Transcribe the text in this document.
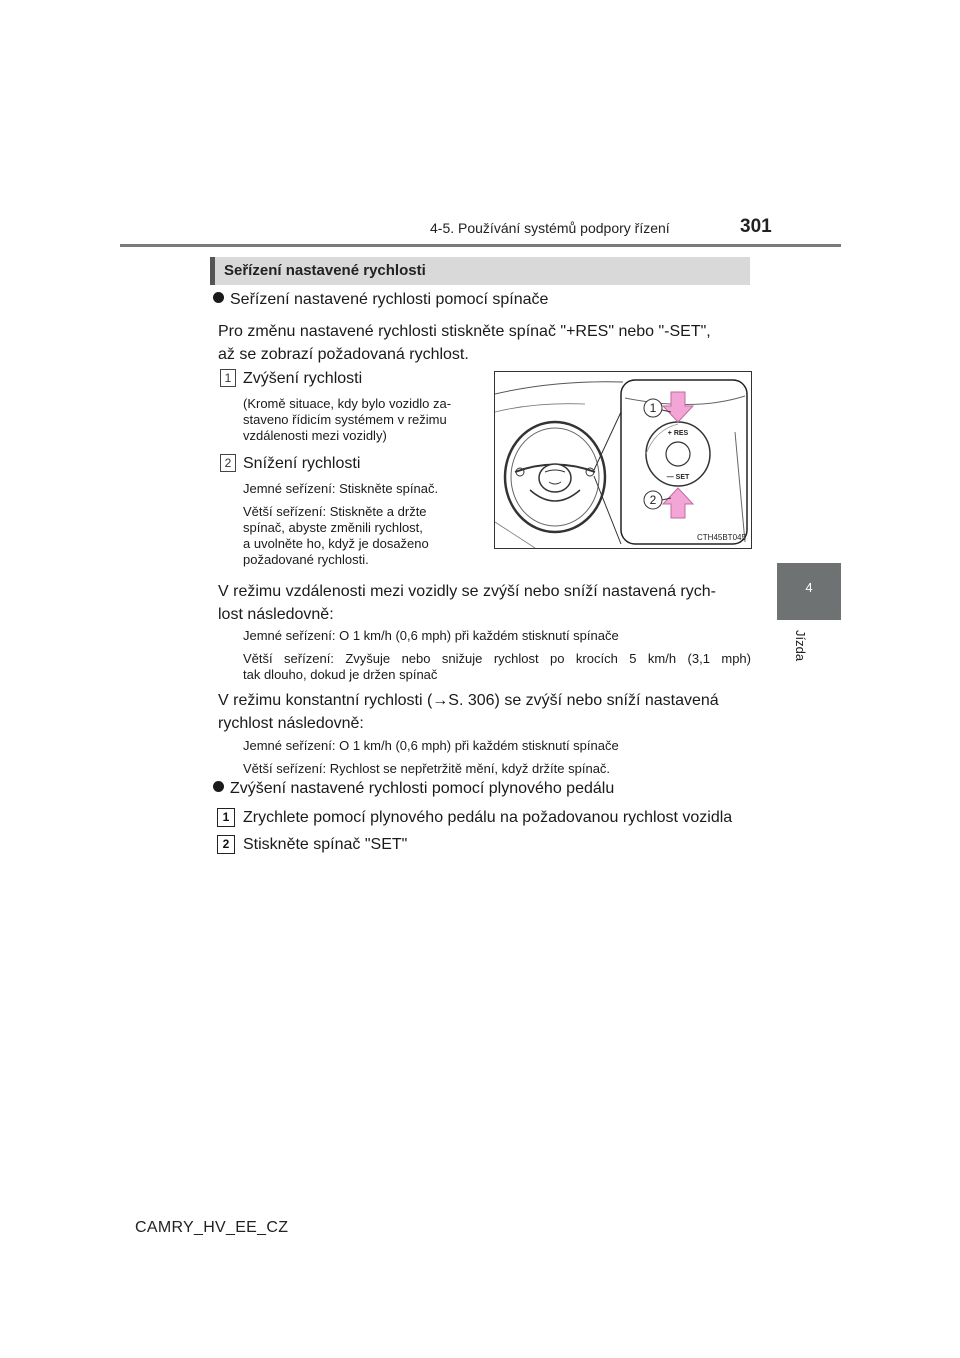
4-5. Používání systémů podpory řízení	301
4
Jízda
Seřízení nastavené rychlosti
Seřízení nastavené rychlosti pomocí spínače
Pro změnu nastavené rychlosti stiskněte spínač "+RES" nebo "-SET",
až se zobrazí požadovaná rychlost.
1 Zvýšení rychlosti
(Kromě situace, kdy bylo vozidlo za-
staveno řídicím systémem v režimu
vzdálenosti mezi vozidly)
2 Snížení rychlosti
Jemné seřízení: Stiskněte spínač.
Větší seřízení: Stiskněte a držte
spínač, abyste změnili rychlost,
a uvolněte ho, když je dosaženo
požadované rychlosti.
1
2
+ RES
— SET
CTH45BT045
V režimu vzdálenosti mezi vozidly se zvýší nebo sníží nastavená rych-
lost následovně:
Jemné seřízení: O 1 km/h (0,6 mph) při každém stisknutí spínače
Větší seřízení: Zvyšuje nebo snižuje rychlost po krocích 5 km/h (3,1 mph)
tak dlouho, dokud je držen spínač
V režimu konstantní rychlosti (→S. 306) se zvýší nebo sníží nastavená
rychlost následovně:
Jemné seřízení: O 1 km/h (0,6 mph) při každém stisknutí spínače
Větší seřízení: Rychlost se nepřetržitě mění, když držíte spínač.
Zvýšení nastavené rychlosti pomocí plynového pedálu
1 Zrychlete pomocí plynového pedálu na požadovanou rychlost vozidla
2 Stiskněte spínač "SET"
CAMRY_HV_EE_CZ
